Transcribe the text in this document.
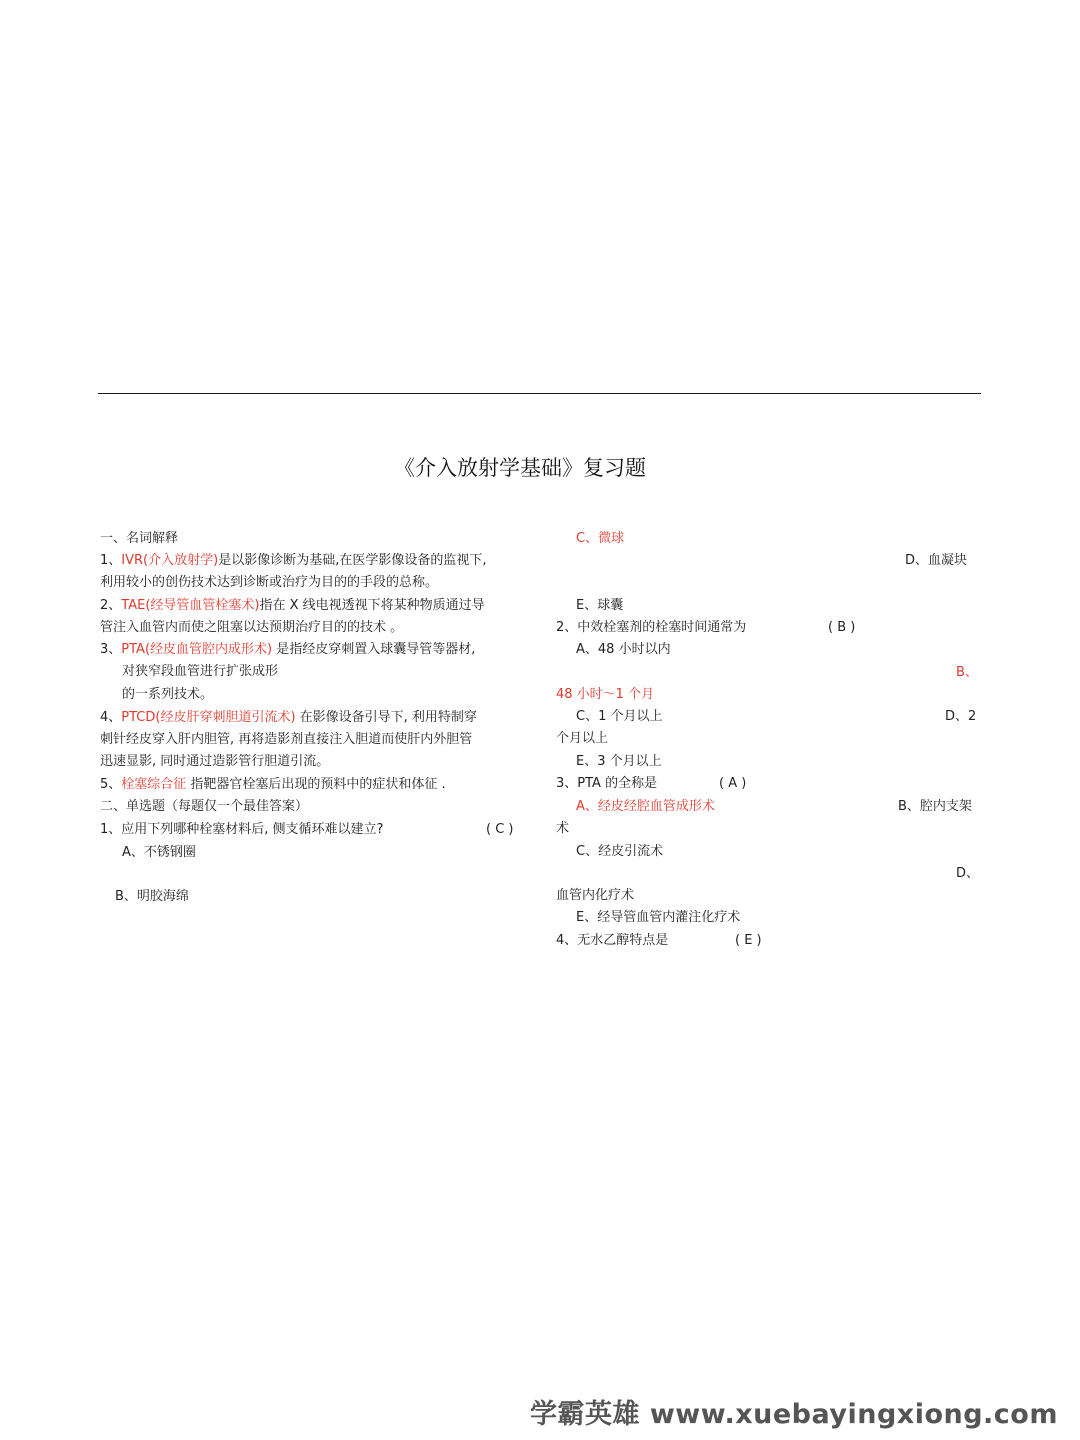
《介入放射学基础》复习题
一、名词解释
1、IVR(介入放射学)是以影像诊断为基础,在医学影像设备的监视下,
利用较小的创伤技术达到诊断或治疗为目的的手段的总称。
2、TAE(经导管血管栓塞术)指在 X 线电视透视下将某种物质通过导
管注入血管内而使之阻塞以达预期治疗目的的技术 。
3、PTA(经皮血管腔内成形术) 是指经皮穿刺置入球囊导管等器材,
对狭窄段血管进行扩张成形
的一系列技术。
4、PTCD(经皮肝穿刺胆道引流术) 在影像设备引导下, 利用特制穿
刺针经皮穿入肝内胆管, 再将造影剂直接注入胆道而使肝内外胆管
迅速显影, 同时通过造影管行胆道引流。
5、栓塞综合征 指靶器官栓塞后出现的预料中的症状和体征 .
二、单选题（每题仅一个最佳答案）
1、应用下列哪种栓塞材料后, 侧支循环难以建立?	( C )
A、不锈钢圈
B、明胶海绵
C、微球
D、血凝块
E、球囊
2、中效栓塞剂的栓塞时间通常为	( B )
A、48 小时以内
B、
48 小时～1 个月
C、1 个月以上	D、2
个月以上
E、3 个月以上
3、PTA 的全称是	( A )
A、经皮经腔血管成形术	B、腔内支架
术
C、经皮引流术
D、
血管内化疗术
E、经导管血管内灌注化疗术
4、无水乙醇特点是	( E )
学霸英雄 www.xuebayingxiong.com
